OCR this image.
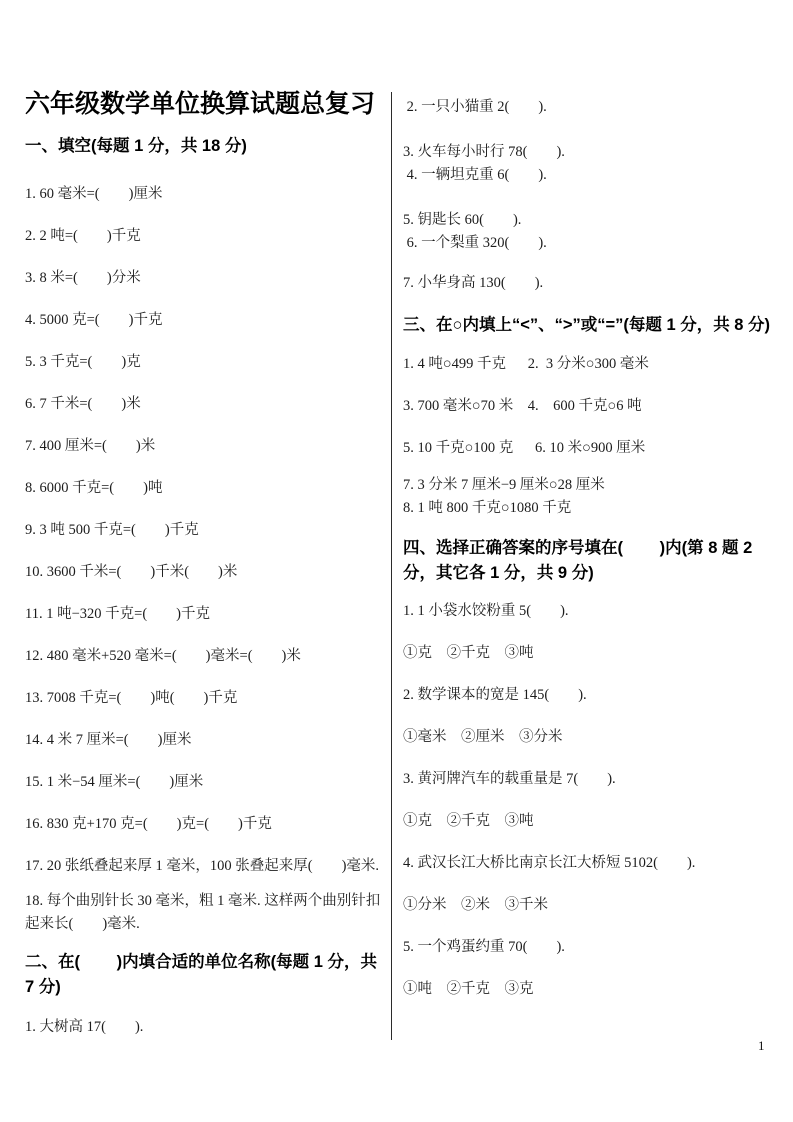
六年级数学单位换算试题总复习
一、填空(每题 1 分，共 18 分)
1. 60 毫米=(        )厘米
2. 2 吨=(        )千克
3. 8 米=(        )分米
4. 5000 克=(        )千克
5. 3 千克=(        )克
6. 7 千米=(        )米
7. 400 厘米=(        )米
8. 6000 千克=(        )吨
9. 3 吨 500 千克=(        )千克
10. 3600 千米=(        )千米(        )米
11. 1 吨−320 千克=(        )千克
12. 480 毫米+520 毫米=(        )毫米=(        )米
13. 7008 千克=(        )吨(        )千克
14. 4 米 7 厘米=(        )厘米
15. 1 米−54 厘米=(        )厘米
16. 830 克+170 克=(        )克=(        )千克
17. 20 张纸叠起来厚 1 毫米，100 张叠起来厚(        )毫米.
18. 每个曲别针长 30 毫米，粗 1 毫米. 这样两个曲别针扣起来长(        )毫米.
二、在(        )内填合适的单位名称(每题 1 分，共 7 分)
1. 大树高 17(        ).
2. 一只小猫重 2(        ).
3. 火车每小时行 78(        ).
4. 一辆坦克重 6(        ).
5. 钥匙长 60(        ).
6. 一个梨重 320(        ).
7. 小华身高 130(        ).
三、在○内填上“<”、“>”或“=”(每题 1 分，共 8 分)
1. 4 吨○499 千克      2.  3 分米○300 毫米
3. 700 毫米○70 米    4.    600 千克○6 吨
5. 10 千克○100 克      6. 10 米○900 厘米
7. 3 分米 7 厘米−9 厘米○28 厘米
8. 1 吨 800 千克○1080 千克
四、选择正确答案的序号填在(        )内(第 8 题 2 分，其它各 1 分，共 9 分)
1. 1 小袋水饺粉重 5(        ).
①克    ②千克    ③吨
2. 数学课本的宽是 145(        ).
①毫米    ②厘米    ③分米
3. 黄河牌汽车的载重量是 7(        ).
①克    ②千克    ③吨
4. 武汉长江大桥比南京长江大桥短 5102(        ).
①分米    ②米    ③千米
5. 一个鸡蛋约重 70(        ).
①吨    ②千克    ③克
1
